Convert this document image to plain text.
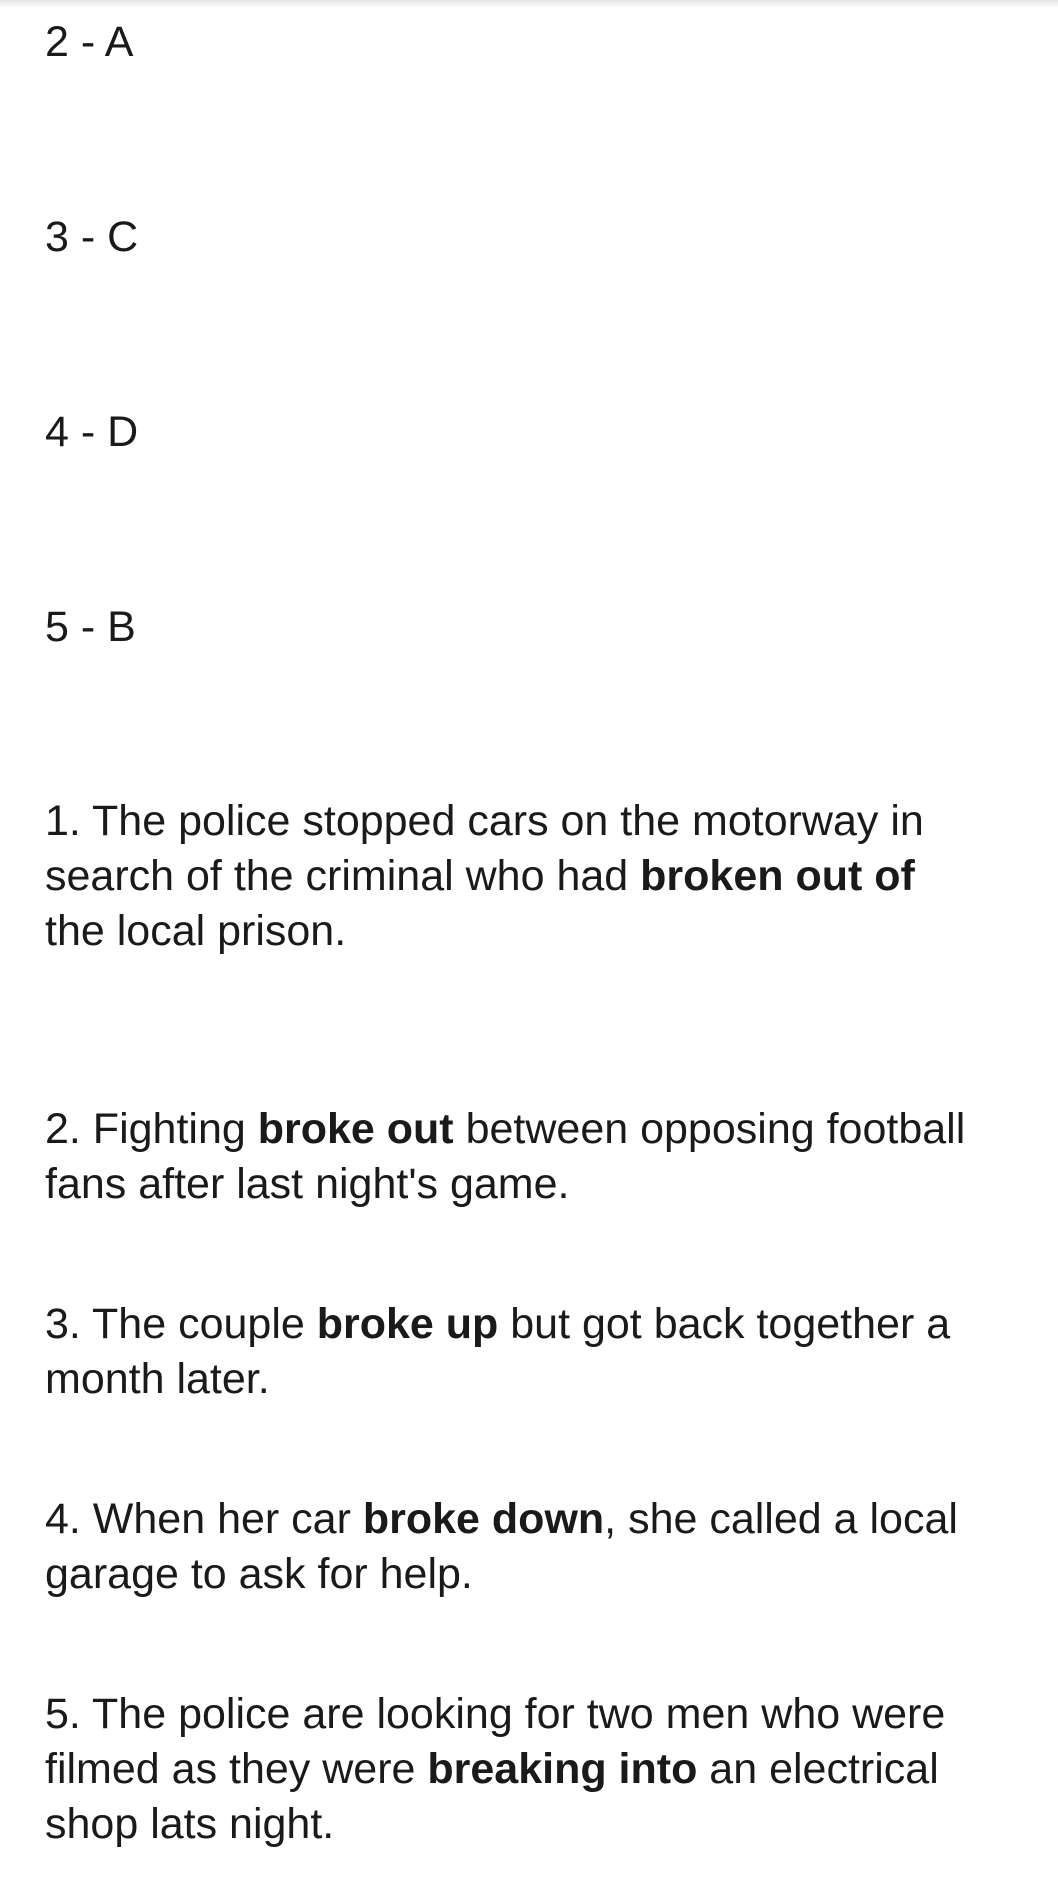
2 - A
3 - C
4 - D
5 - B

1. The police stopped cars on the motorway in search of the criminal who had broken out of
the local prison.

2. Fighting broke out between opposing football fans after last night's game.

3. The couple broke up but got back together a month later.

4. When her car broke down, she called a local garage to ask for help.

5. The police are looking for two men who were filmed as they were breaking into an electrical shop lats night.
